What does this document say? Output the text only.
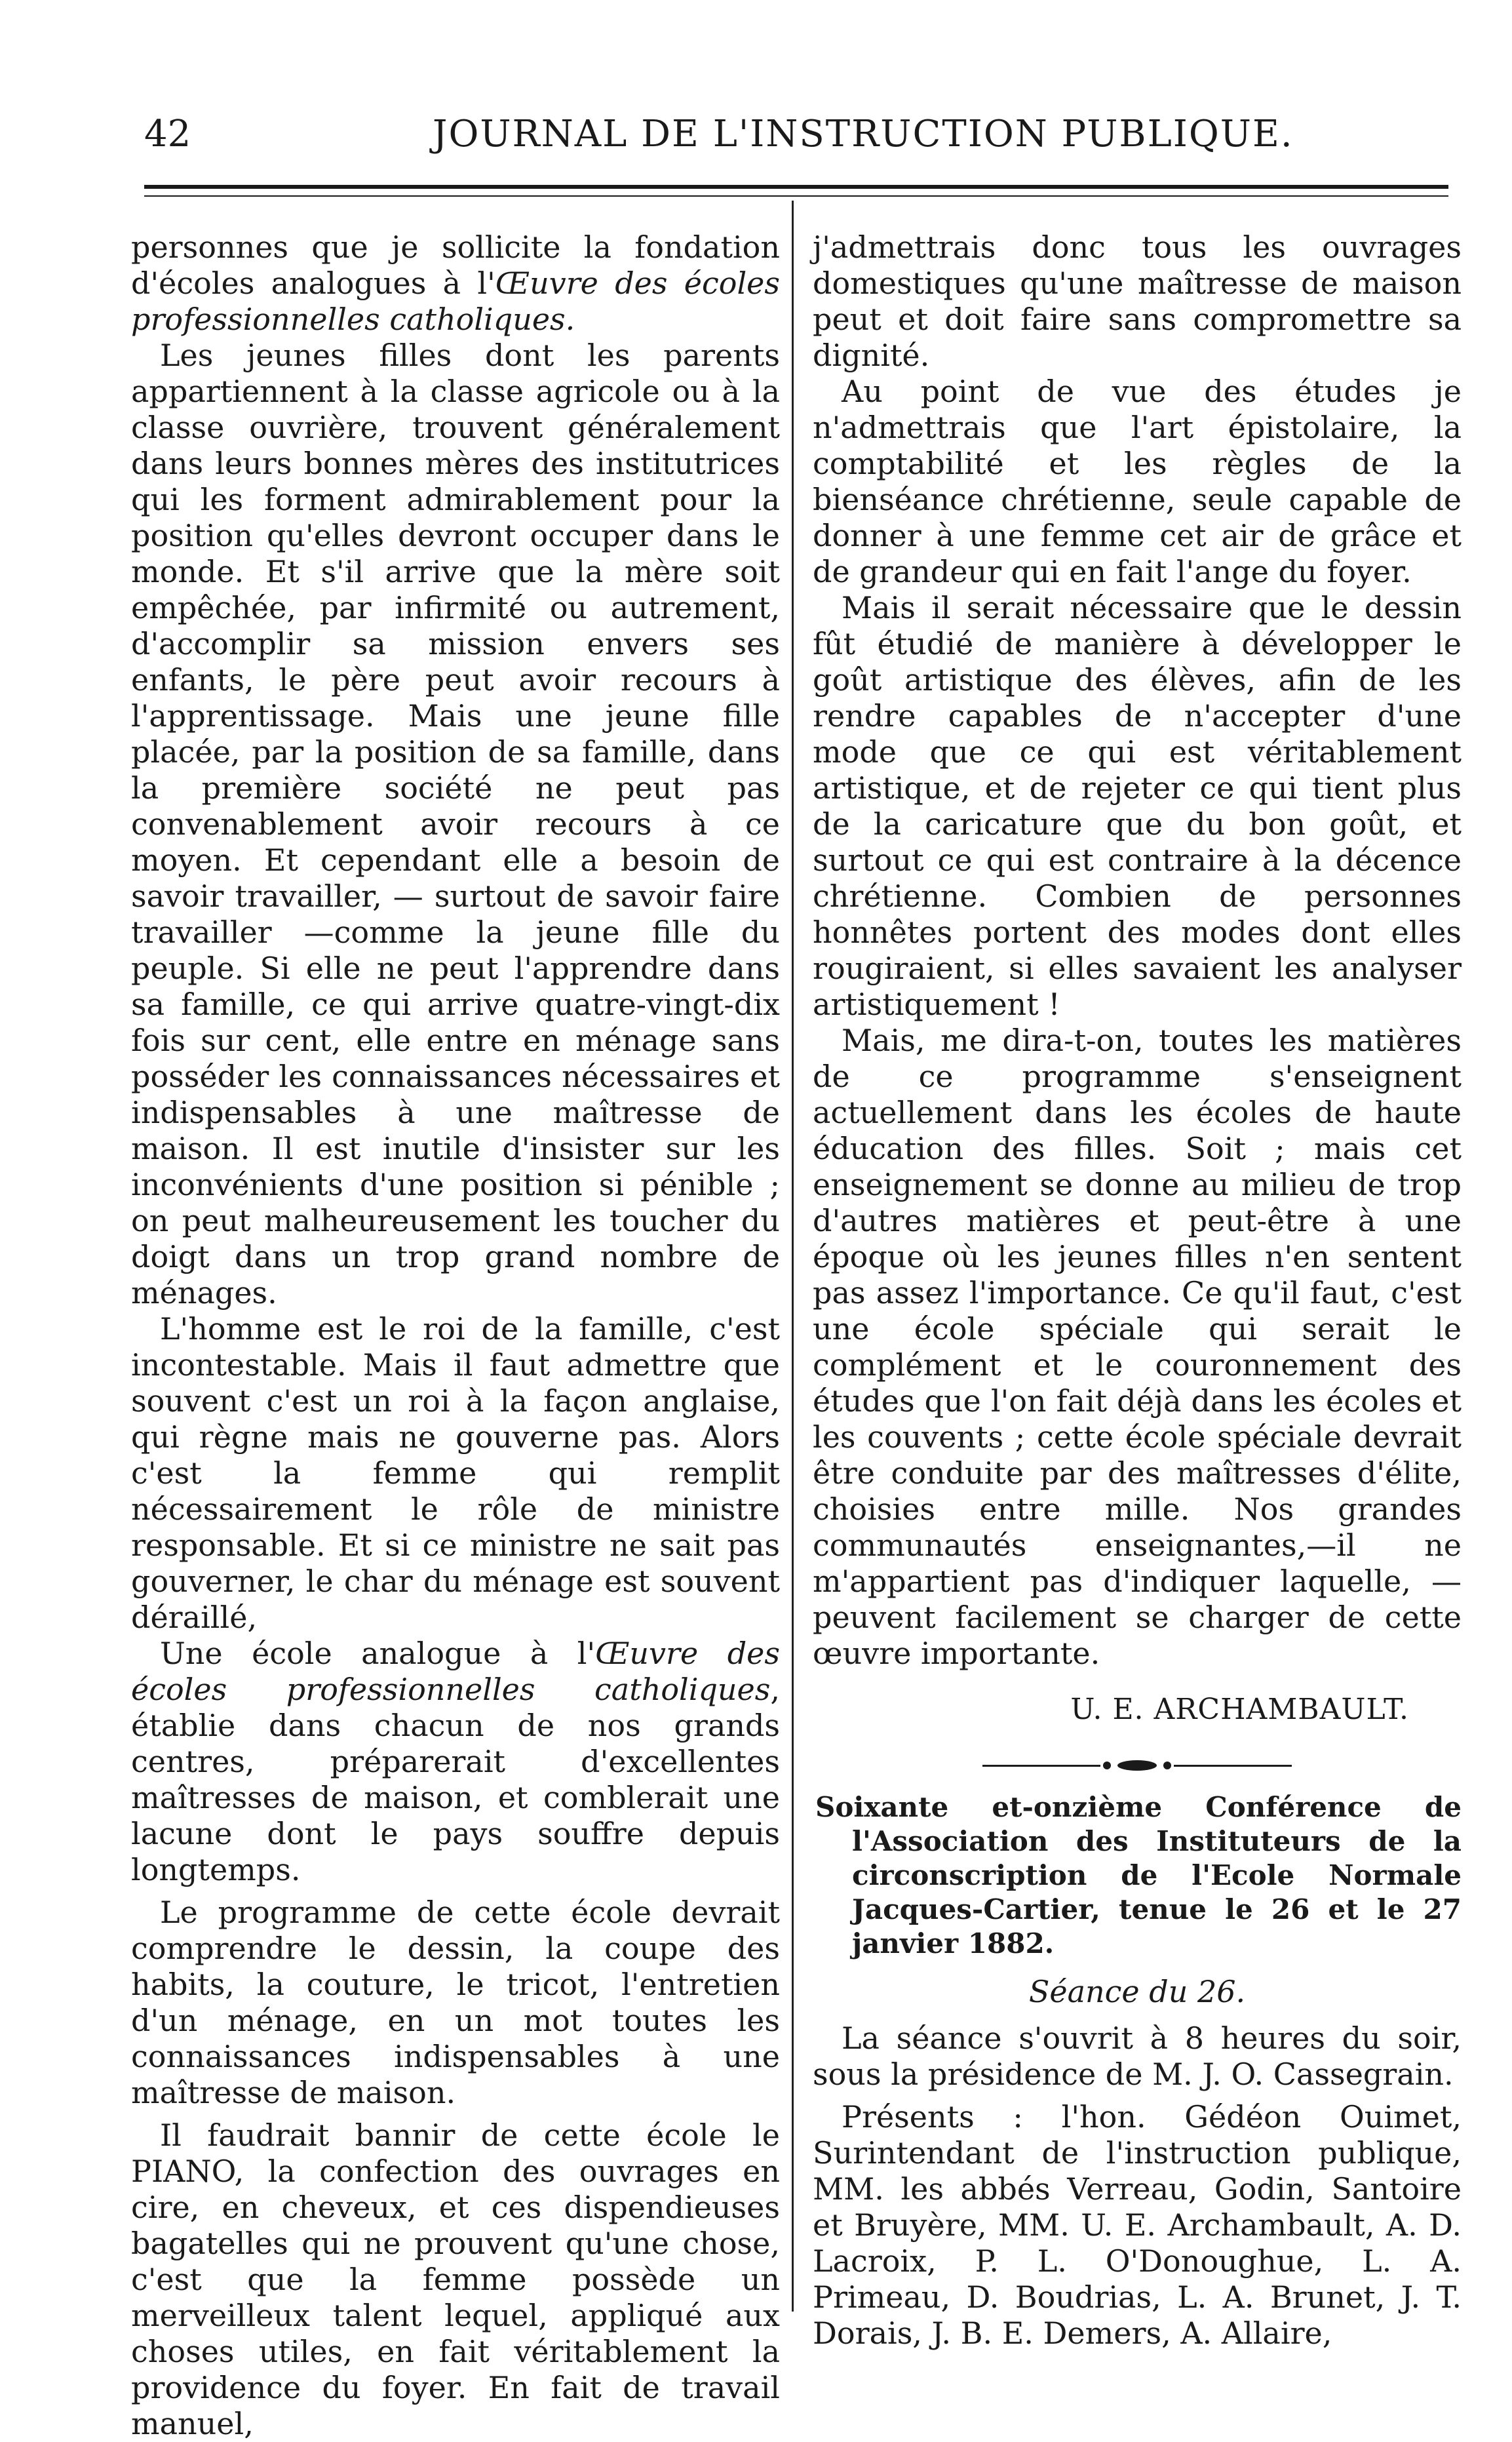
42	JOURNAL DE L'INSTRUCTION PUBLIQUE.

personnes que je sollicite la fondation d'écoles analogues à l'Œuvre des écoles professionnelles catholiques.

Les jeunes filles dont les parents appartiennent à la classe agricole ou à la classe ouvrière, trouvent généralement dans leurs bonnes mères des institutrices qui les forment admirablement pour la position qu'elles devront occuper dans le monde. Et s'il arrive que la mère soit empêchée, par infirmité ou autrement, d'accomplir sa mission envers ses enfants, le père peut avoir recours à l'apprentissage. Mais une jeune fille placée, par la position de sa famille, dans la première société ne peut pas convenablement avoir recours à ce moyen. Et cependant elle a besoin de savoir travailler, — surtout de savoir faire travailler —comme la jeune fille du peuple. Si elle ne peut l'apprendre dans sa famille, ce qui arrive quatre-vingt-dix fois sur cent, elle entre en ménage sans posséder les connaissances nécessaires et indispensables à une maîtresse de maison. Il est inutile d'insister sur les inconvénients d'une position si pénible ; on peut malheureusement les toucher du doigt dans un trop grand nombre de ménages.

L'homme est le roi de la famille, c'est incontestable. Mais il faut admettre que souvent c'est un roi à la façon anglaise, qui règne mais ne gouverne pas. Alors c'est la femme qui remplit nécessairement le rôle de ministre responsable. Et si ce ministre ne sait pas gouverner, le char du ménage est souvent déraillé,

Une école analogue à l'Œuvre des écoles professionnelles catholiques, établie dans chacun de nos grands centres, préparerait d'excellentes maîtresses de maison, et comblerait une lacune dont le pays souffre depuis longtemps.

Le programme de cette école devrait comprendre le dessin, la coupe des habits, la couture, le tricot, l'entretien d'un ménage, en un mot toutes les connaissances indispensables à une maîtresse de maison.

Il faudrait bannir de cette école le PIANO, la confection des ouvrages en cire, en cheveux, et ces dispendieuses bagatelles qui ne prouvent qu'une chose, c'est que la femme possède un merveilleux talent lequel, appliqué aux choses utiles, en fait véritablement la providence du foyer. En fait de travail manuel,

j'admettrais donc tous les ouvrages domestiques qu'une maîtresse de maison peut et doit faire sans compromettre sa dignité.

Au point de vue des études je n'admettrais que l'art épistolaire, la comptabilité et les règles de la bienséance chrétienne, seule capable de donner à une femme cet air de grâce et de grandeur qui en fait l'ange du foyer.

Mais il serait nécessaire que le dessin fût étudié de manière à développer le goût artistique des élèves, afin de les rendre capables de n'accepter d'une mode que ce qui est véritablement artistique, et de rejeter ce qui tient plus de la caricature que du bon goût, et surtout ce qui est contraire à la décence chrétienne. Combien de personnes honnêtes portent des modes dont elles rougiraient, si elles savaient les analyser artistiquement !

Mais, me dira-t-on, toutes les matières de ce programme s'enseignent actuellement dans les écoles de haute éducation des filles. Soit ; mais cet enseignement se donne au milieu de trop d'autres matières et peut-être à une époque où les jeunes filles n'en sentent pas assez l'importance. Ce qu'il faut, c'est une école spéciale qui serait le complément et le couronnement des études que l'on fait déjà dans les écoles et les couvents ; cette école spéciale devrait être conduite par des maîtresses d'élite, choisies entre mille. Nos grandes communautés enseignantes,—il ne m'appartient pas d'indiquer laquelle, — peuvent facilement se charger de cette œuvre importante.

U. E. ARCHAMBAULT.

Soixante et-onzième Conférence de l'Association des Instituteurs de la circonscription de l'Ecole Normale Jacques-Cartier, tenue le 26 et le 27 janvier 1882.

Séance du 26.

La séance s'ouvrit à 8 heures du soir, sous la présidence de M. J. O. Cassegrain.

Présents : l'hon. Gédéon Ouimet, Surintendant de l'instruction publique, MM. les abbés Verreau, Godin, Santoire et Bruyère, MM. U. E. Archambault, A. D. Lacroix, P. L. O'Donoughue, L. A. Primeau, D. Boudrias, L. A. Brunet, J. T. Dorais, J. B. E. Demers, A. Allaire,
